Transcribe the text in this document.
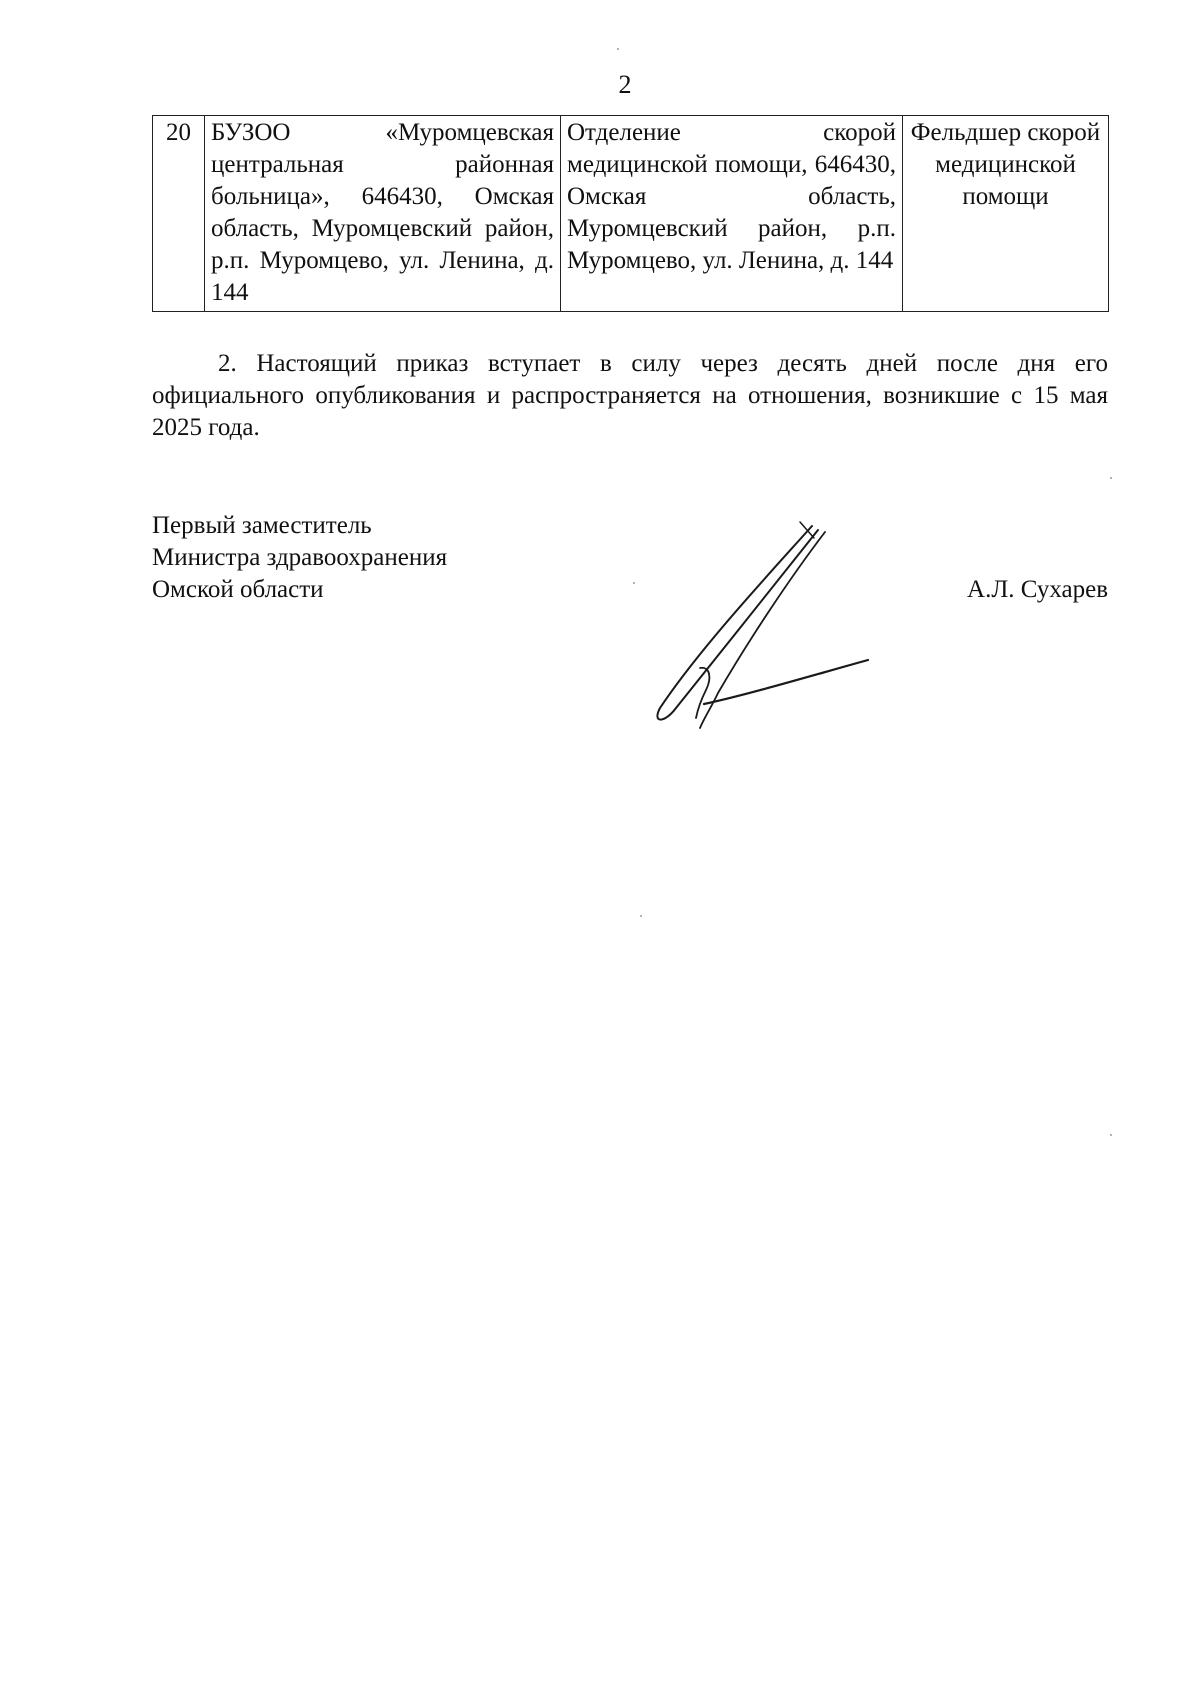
2
20	БУЗОО «Муромцевская центральная районная больница», 646430, Омская область, Муромцевский район, р.п. Муромцево, ул. Ленина, д. 144	Отделение скорой медицинской помощи, 646430, Омская область, Муромцевский район, р.п. Муромцево, ул. Ленина, д. 144	Фельдшер скорой медицинской помощи

2. Настоящий приказ вступает в силу через десять дней после дня его официального опубликования и распространяется на отношения, возникшие с 15 мая 2025 года.

Первый заместитель
Министра здравоохранения
Омской области	А.Л. Сухарев
